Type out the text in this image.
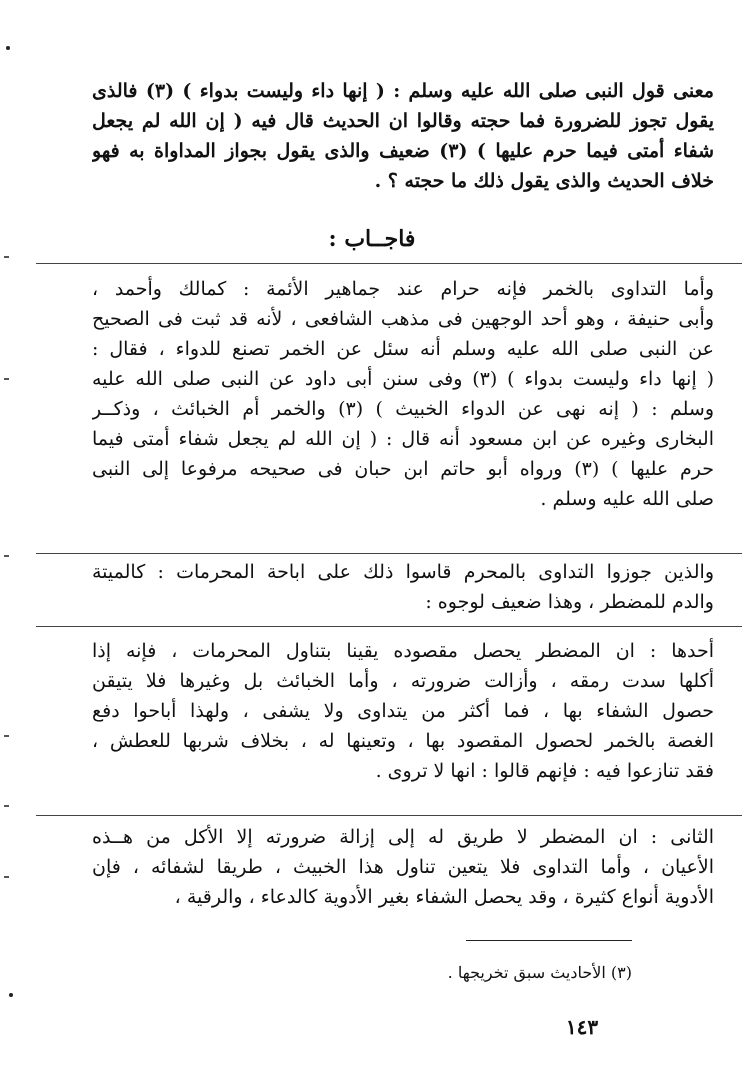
معنى قول النبى صلى الله عليه وسلم : ( إنها داء وليست بدواء ) (٣) فالذى
يقول تجوز للضرورة فما حجته وقالوا ان الحديث قال فيه ( إن الله لم يجعل
شفاء أمتى فيما حرم عليها ) (٣) ضعيف والذى يقول بجواز المداواة به فهو
خلاف الحديث والذى يقول ذلك ما حجته ؟ .
فاجــاب :
وأما التداوى بالخمر فإنه حرام عند جماهير الأئمة : كمالك وأحمد ،
وأبى حنيفة ، وهو أحد الوجهين فى مذهب الشافعى ، لأنه قد ثبت فى الصحيح
عن النبى صلى الله عليه وسلم أنه سئل عن الخمر تصنع للدواء ، فقال :
( إنها داء وليست بدواء ) (٣) وفى سنن أبى داود عن النبى صلى الله عليه
وسلم : ( إنه نهى عن الدواء الخبيث ) (٣) والخمر أم الخبائث ، وذكــر
البخارى وغيره عن ابن مسعود أنه قال : ( إن الله لم يجعل شفاء أمتى فيما
حرم عليها ) (٣) ورواه أبو حاتم ابن حبان فى صحيحه مرفوعا إلى النبى
صلى الله عليه وسلم .
والذين جوزوا التداوى بالمحرم قاسوا ذلك على اباحة المحرمات : كالميتة
والدم للمضطر ، وهذا ضعيف لوجوه :
أحدها : ان المضطر يحصل مقصوده يقينا بتناول المحرمات ، فإنه إذا
أكلها سدت رمقه ، وأزالت ضرورته ، وأما الخبائث بل وغيرها فلا يتيقن
حصول الشفاء بها ، فما أكثر من يتداوى ولا يشفى ، ولهذا أباحوا دفع
الغصة بالخمر لحصول المقصود بها ، وتعينها له ، بخلاف شربها للعطش ،
فقد تنازعوا فيه : فإنهم قالوا : انها لا تروى .
الثانى : ان المضطر لا طريق له إلى إزالة ضرورته إلا الأكل من هــذه
الأعيان ، وأما التداوى فلا يتعين تناول هذا الخبيث ، طريقا لشفائه ، فإن
الأدوية أنواع كثيرة ، وقد يحصل الشفاء بغير الأدوية كالدعاء ، والرقية ،
(٣) الأحاديث سبق تخريجها .
١٤٣
